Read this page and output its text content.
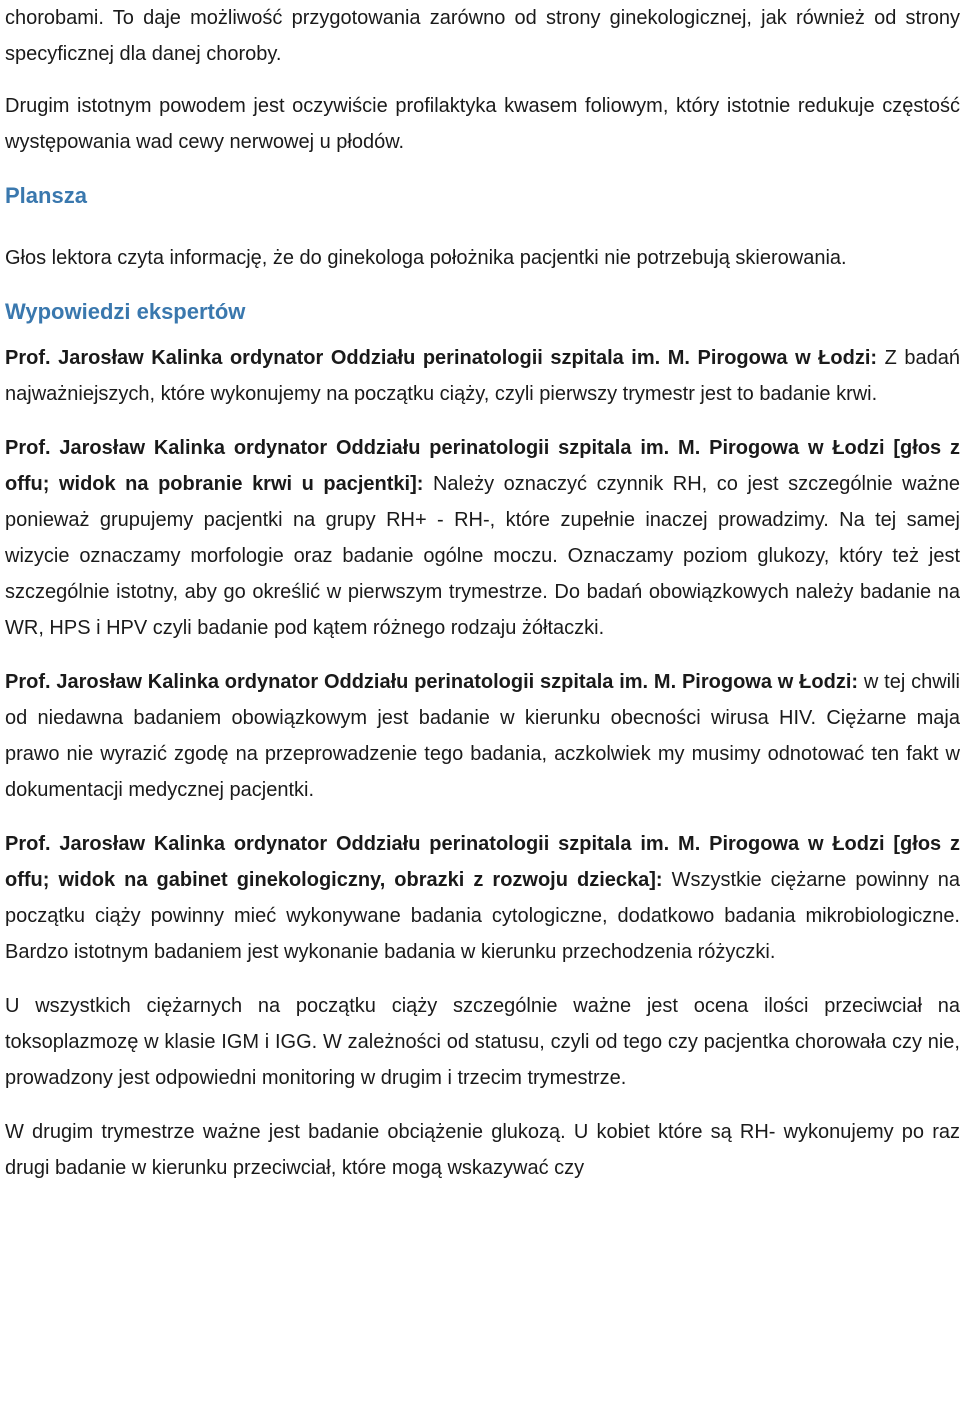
chorobami. To daje możliwość przygotowania zarówno od strony ginekologicznej, jak również od strony specyficznej dla danej choroby.

Drugim istotnym powodem jest oczywiście profilaktyka kwasem foliowym, który istotnie redukuje częstość występowania wad cewy nerwowej u płodów.

Plansza

Głos lektora czyta informację, że do ginekologa położnika pacjentki nie potrzebują skierowania.

Wypowiedzi ekspertów

Prof. Jarosław Kalinka ordynator Oddziału perinatologii szpitala im. M. Pirogowa w Łodzi: Z badań najważniejszych, które wykonujemy na początku ciąży, czyli pierwszy trymestr jest to badanie krwi.

Prof. Jarosław Kalinka ordynator Oddziału perinatologii szpitala im. M. Pirogowa w Łodzi [głos z offu; widok na pobranie krwi u pacjentki]: Należy oznaczyć czynnik RH, co jest szczególnie ważne ponieważ grupujemy pacjentki na grupy RH+ - RH-, które zupełnie inaczej prowadzimy. Na tej samej wizycie oznaczamy morfologie oraz badanie ogólne moczu. Oznaczamy poziom glukozy, który też jest szczególnie istotny, aby go określić w pierwszym trymestrze. Do badań obowiązkowych należy badanie na WR, HPS i HPV czyli badanie pod kątem różnego rodzaju żółtaczki.

Prof. Jarosław Kalinka ordynator Oddziału perinatologii szpitala im. M. Pirogowa w Łodzi: w tej chwili od niedawna badaniem obowiązkowym jest badanie w kierunku obecności wirusa HIV. Ciężarne maja prawo nie wyrazić zgodę na przeprowadzenie tego badania, aczkolwiek my musimy odnotować ten fakt w dokumentacji medycznej pacjentki.

Prof. Jarosław Kalinka ordynator Oddziału perinatologii szpitala im. M. Pirogowa w Łodzi [głos z offu; widok na gabinet ginekologiczny, obrazki z rozwoju dziecka]: Wszystkie ciężarne powinny na początku ciąży powinny mieć wykonywane badania cytologiczne, dodatkowo badania mikrobiologiczne. Bardzo istotnym badaniem jest wykonanie badania w kierunku przechodzenia różyczki.

U wszystkich ciężarnych na początku ciąży szczególnie ważne jest ocena ilości przeciwciał na toksoplazmozę w klasie IGM i IGG. W zależności od statusu, czyli od tego czy pacjentka chorowała czy nie, prowadzony jest odpowiedni monitoring w drugim i trzecim trymestrze.

W drugim trymestrze ważne jest badanie obciążenie glukozą. U kobiet które są RH- wykonujemy po raz drugi badanie w kierunku przeciwciał, które mogą wskazywać czy
